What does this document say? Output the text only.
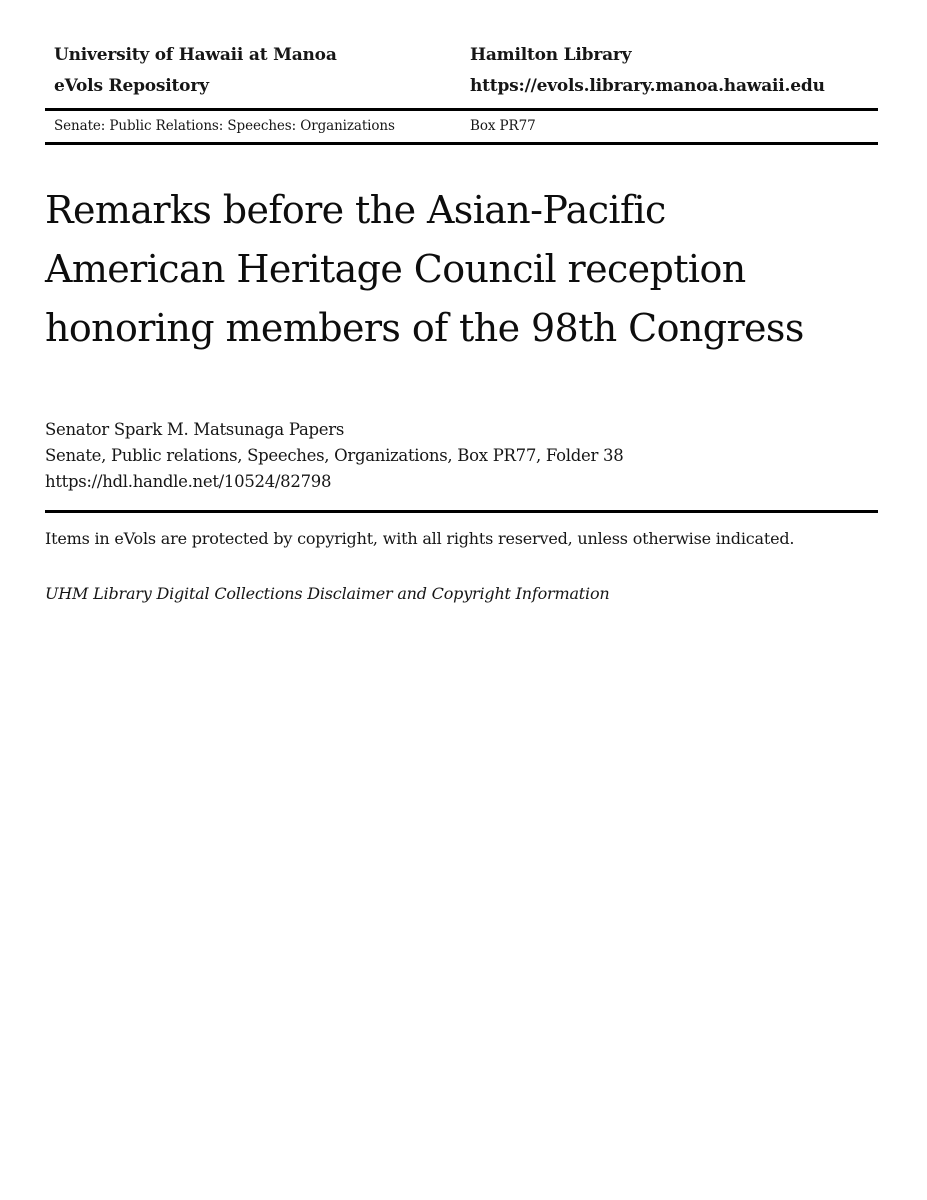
University of Hawaii at Manoa
eVols Repository
Hamilton Library
https://evols.library.manoa.hawaii.edu
Senate: Public Relations: Speeches: Organizations	Box PR77
Remarks before the Asian-Pacific
American Heritage Council reception
honoring members of the 98th Congress
Senator Spark M. Matsunaga Papers
Senate, Public relations, Speeches, Organizations, Box PR77, Folder 38
https://hdl.handle.net/10524/82798

Items in eVols are protected by copyright, with all rights reserved, unless otherwise indicated.

UHM Library Digital Collections Disclaimer and Copyright Information
